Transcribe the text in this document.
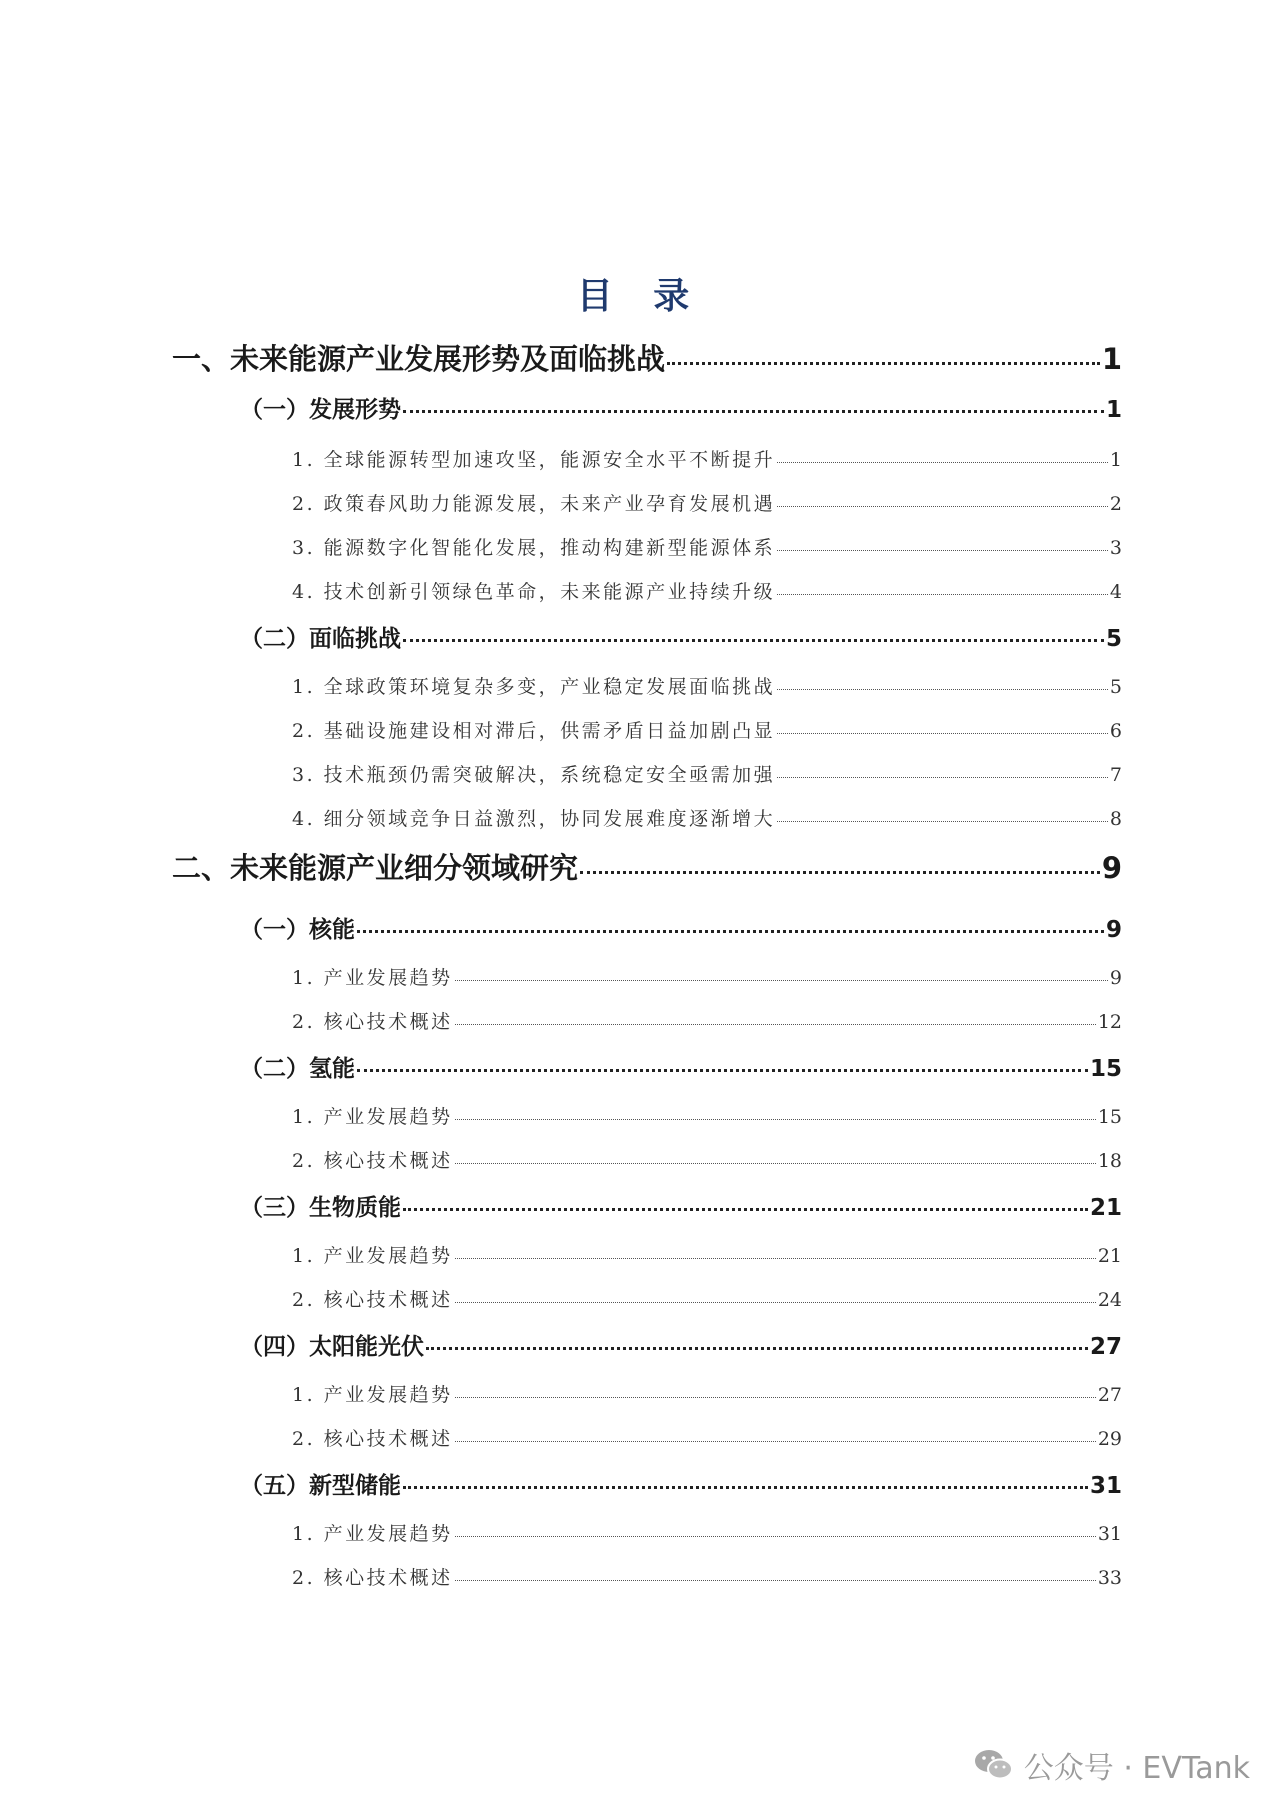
目 录
一、未来能源产业发展形势及面临挑战	1
（一）发展形势	1
1. 全球能源转型加速攻坚，能源安全水平不断提升	1
2. 政策春风助力能源发展，未来产业孕育发展机遇	2
3. 能源数字化智能化发展，推动构建新型能源体系	3
4. 技术创新引领绿色革命，未来能源产业持续升级	4
（二）面临挑战	5
1. 全球政策环境复杂多变，产业稳定发展面临挑战	5
2. 基础设施建设相对滞后，供需矛盾日益加剧凸显	6
3. 技术瓶颈仍需突破解决，系统稳定安全亟需加强	7
4. 细分领域竞争日益激烈，协同发展难度逐渐增大	8
二、未来能源产业细分领域研究	9
（一）核能	9
1. 产业发展趋势	9
2. 核心技术概述	12
（二）氢能	15
1. 产业发展趋势	15
2. 核心技术概述	18
（三）生物质能	21
1. 产业发展趋势	21
2. 核心技术概述	24
（四）太阳能光伏	27
1. 产业发展趋势	27
2. 核心技术概述	29
（五）新型储能	31
1. 产业发展趋势	31
2. 核心技术概述	33
公众号 · EVTank
